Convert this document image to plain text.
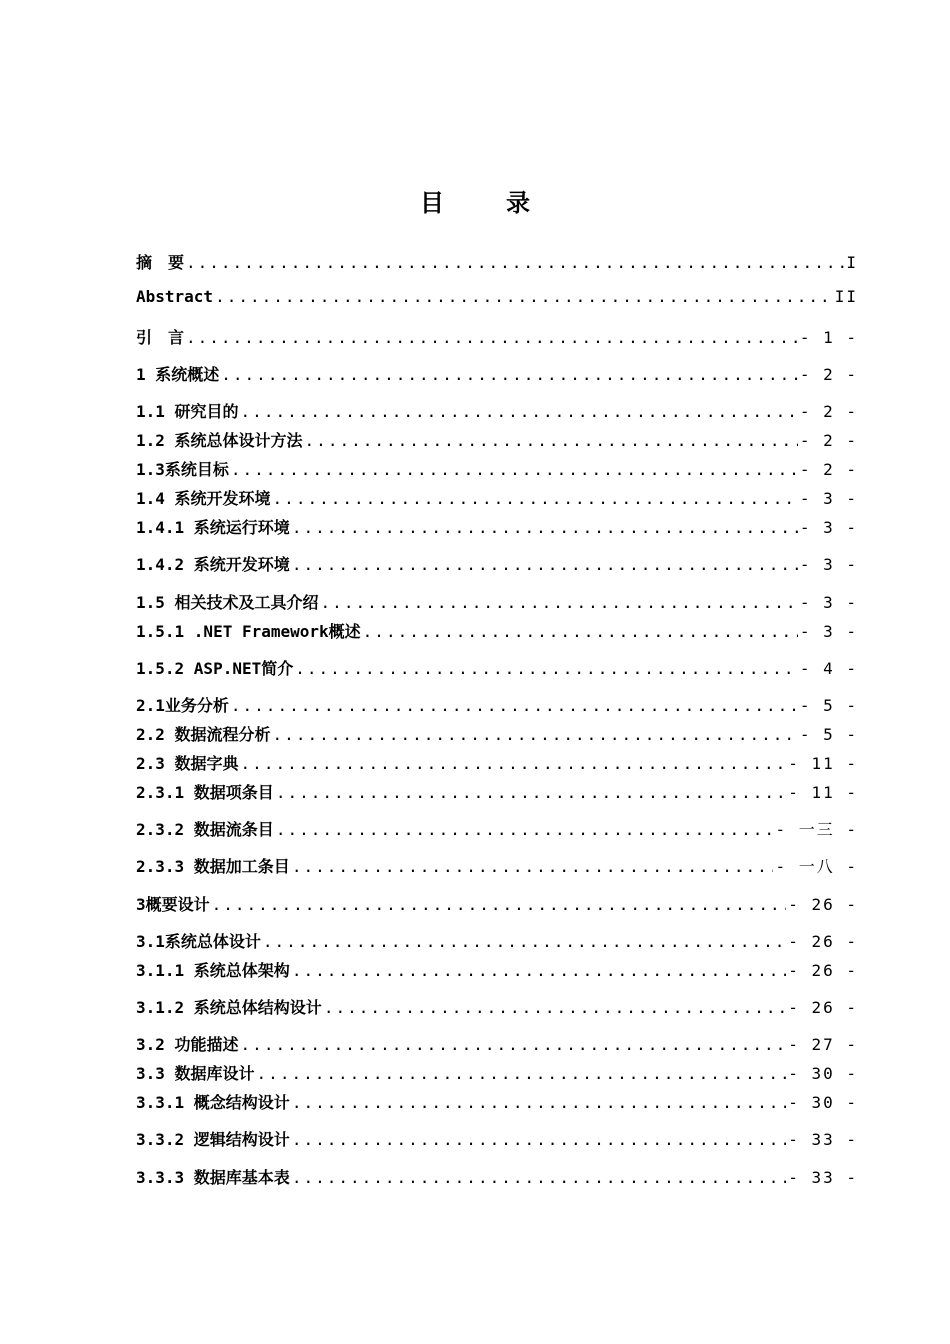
目	录
摘　要 .....	I
Abstract .....	II
引　言 .....	- 1 -
1 系统概述 .....	- 2 -
1.1 研究目的 .....	- 2 -
1.2 系统总体设计方法 .....	- 2 -
1.3系统目标 .....	- 2 -
1.4 系统开发环境 .....	- 3 -
1.4.1 系统运行环境 .....	- 3 -
1.4.2 系统开发环境 .....	- 3 -
1.5 相关技术及工具介绍 .....	- 3 -
1.5.1 .NET Framework概述 .....	- 3 -
1.5.2 ASP.NET简介 .....	- 4 -
2.1业务分析 .....	- 5 -
2.2 数据流程分析 .....	- 5 -
2.3 数据字典 .....	- 11 -
2.3.1 数据项条目 .....	- 11 -
2.3.2 数据流条目 .....	- 一三 -
2.3.3 数据加工条目 .....	- 一八 -
3概要设计 .....	- 26 -
3.1系统总体设计 .....	- 26 -
3.1.1 系统总体架构 .....	- 26 -
3.1.2 系统总体结构设计 .....	- 26 -
3.2 功能描述 .....	- 27 -
3.3 数据库设计 .....	- 30 -
3.3.1 概念结构设计 .....	- 30 -
3.3.2 逻辑结构设计 .....	- 33 -
3.3.3 数据库基本表 .....	- 33 -
